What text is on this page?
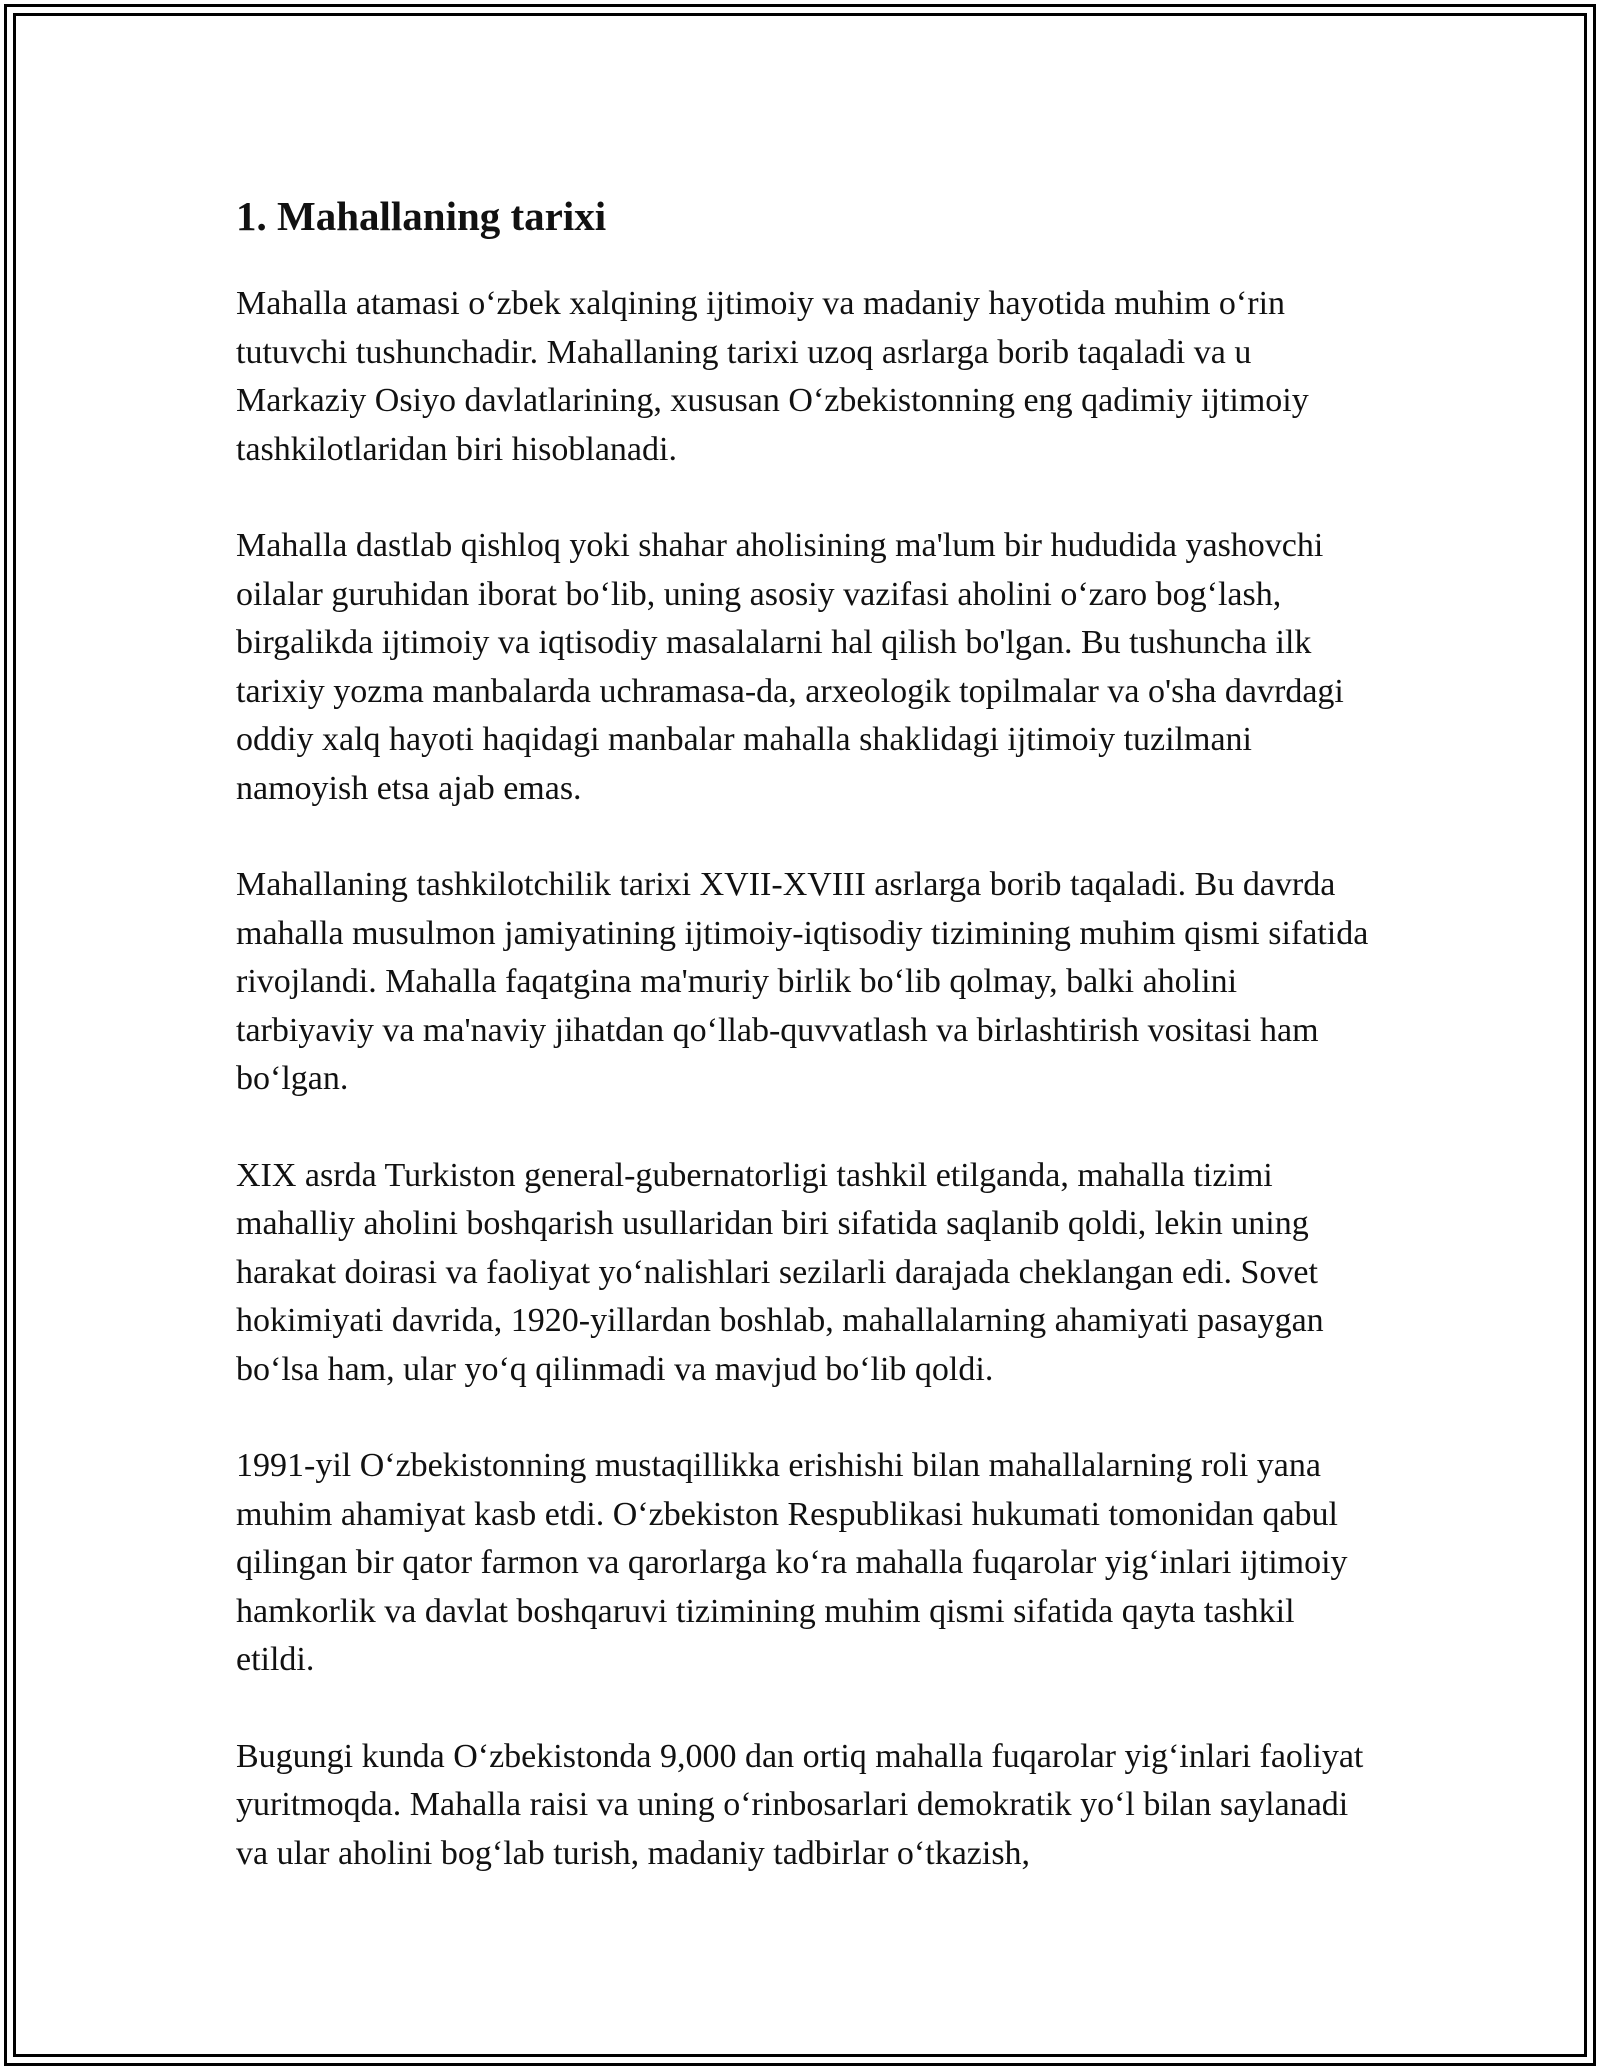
1. Mahallaning tarixi

Mahalla atamasi o‘zbek xalqining ijtimoiy va madaniy hayotida muhim o‘rin tutuvchi tushunchadir. Mahallaning tarixi uzoq asrlarga borib taqaladi va u Markaziy Osiyo davlatlarining, xususan O‘zbekistonning eng qadimiy ijtimoiy tashkilotlaridan biri hisoblanadi.

Mahalla dastlab qishloq yoki shahar aholisining ma'lum bir hududida yashovchi oilalar guruhidan iborat bo‘lib, uning asosiy vazifasi aholini o‘zaro bog‘lash, birgalikda ijtimoiy va iqtisodiy masalalarni hal qilish bo'lgan. Bu tushuncha ilk tarixiy yozma manbalarda uchramasa-da, arxeologik topilmalar va o'sha davrdagi oddiy xalq hayoti haqidagi manbalar mahalla shaklidagi ijtimoiy tuzilmani namoyish etsa ajab emas.

Mahallaning tashkilotchilik tarixi XVII-XVIII asrlarga borib taqaladi. Bu davrda mahalla musulmon jamiyatining ijtimoiy-iqtisodiy tizimining muhim qismi sifatida rivojlandi. Mahalla faqatgina ma'muriy birlik bo‘lib qolmay, balki aholini tarbiyaviy va ma'naviy jihatdan qo‘llab-quvvatlash va birlashtirish vositasi ham bo‘lgan.

XIX asrda Turkiston general-gubernatorligi tashkil etilganda, mahalla tizimi mahalliy aholini boshqarish usullaridan biri sifatida saqlanib qoldi, lekin uning harakat doirasi va faoliyat yo‘nalishlari sezilarli darajada cheklangan edi. Sovet hokimiyati davrida, 1920-yillardan boshlab, mahallalarning ahamiyati pasaygan bo‘lsa ham, ular yo‘q qilinmadi va mavjud bo‘lib qoldi.

1991-yil O‘zbekistonning mustaqillikka erishishi bilan mahallalarning roli yana muhim ahamiyat kasb etdi. O‘zbekiston Respublikasi hukumati tomonidan qabul qilingan bir qator farmon va qarorlarga ko‘ra mahalla fuqarolar yig‘inlari ijtimoiy hamkorlik va davlat boshqaruvi tizimining muhim qismi sifatida qayta tashkil etildi.

Bugungi kunda O‘zbekistonda 9,000 dan ortiq mahalla fuqarolar yig‘inlari faoliyat yuritmoqda. Mahalla raisi va uning o‘rinbosarlari demokratik yo‘l bilan saylanadi va ular aholini bog‘lab turish, madaniy tadbirlar o‘tkazish,
